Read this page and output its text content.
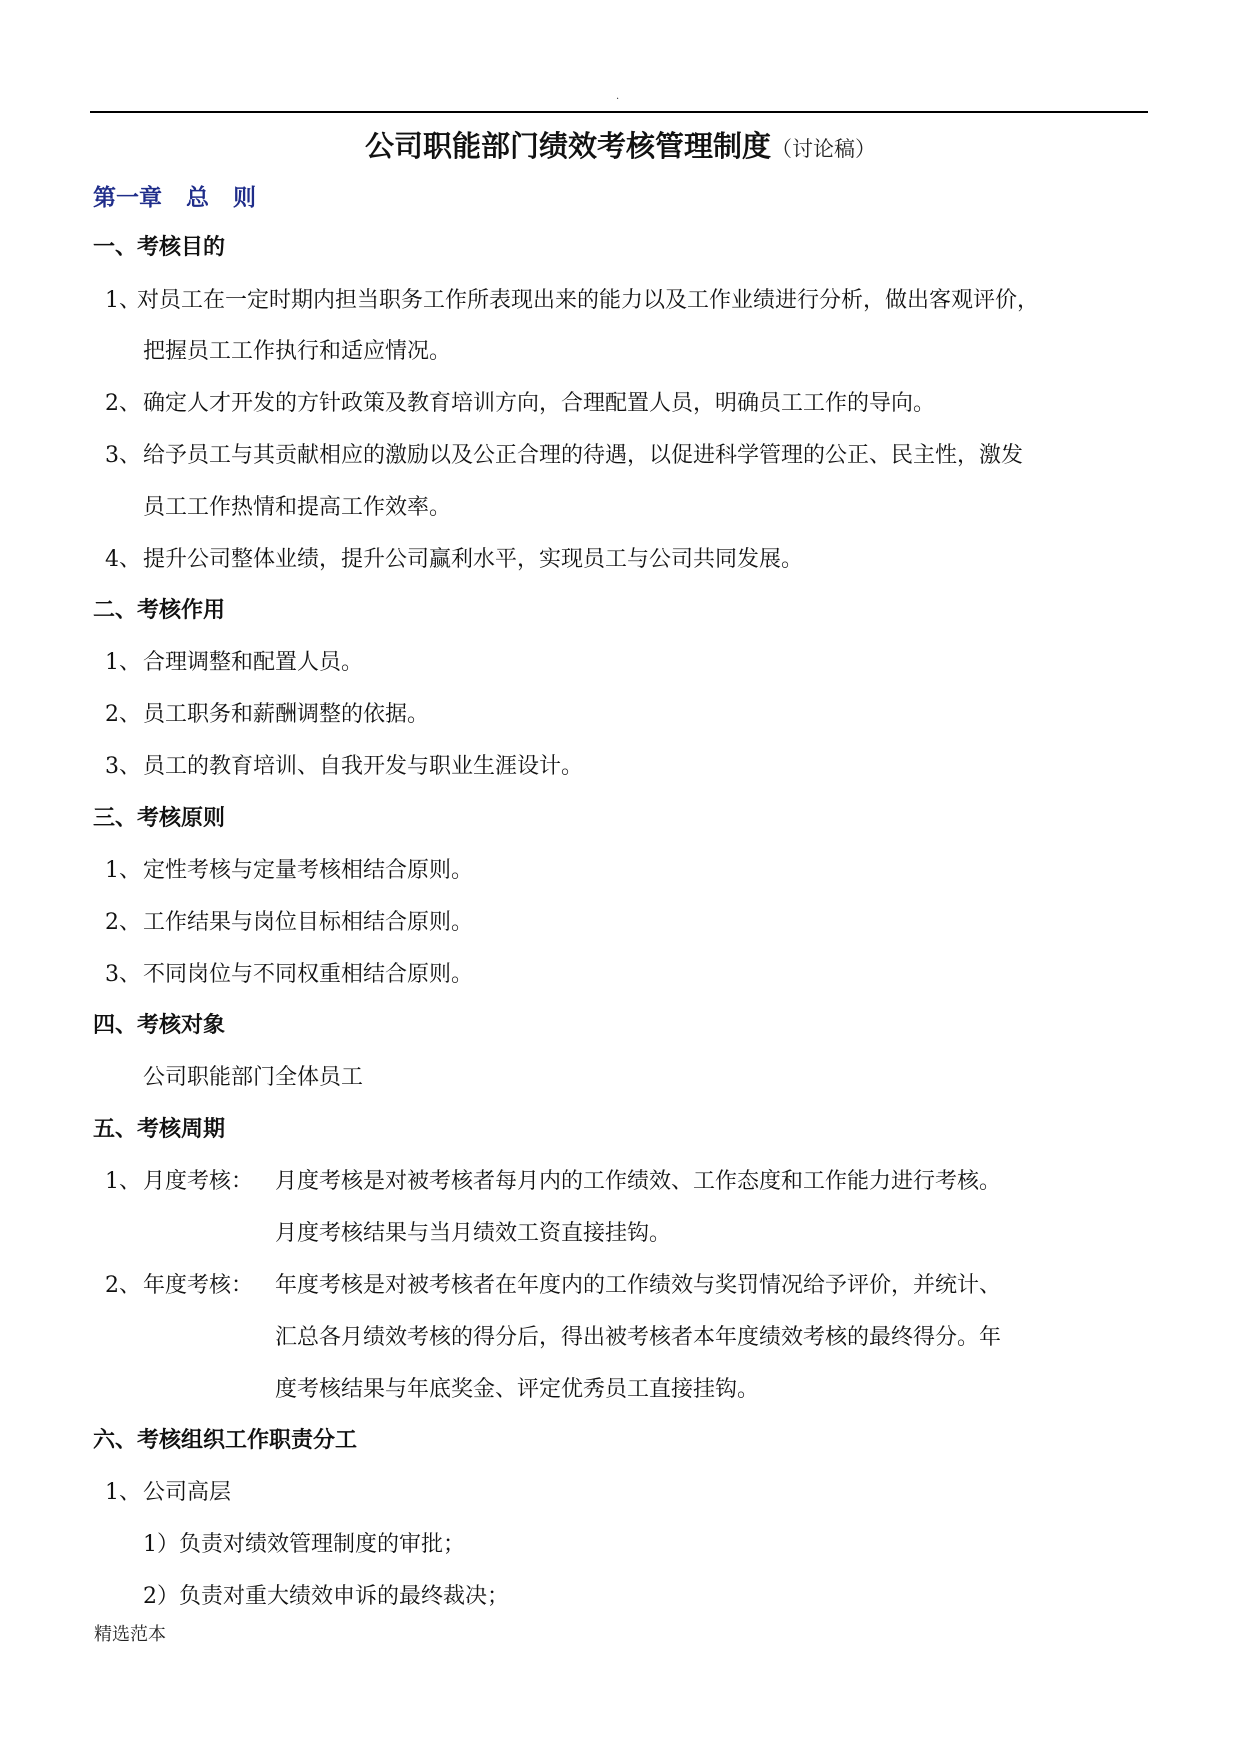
.
公司职能部门绩效考核管理制度（讨论稿）
第一章   总   则
一、考核目的
1、
对员工在一定时期内担当职务工作所表现出来的能力以及工作业绩进行分析，做出客观评价，
把握员工工作执行和适应情况。
2、 确定人才开发的方针政策及教育培训方向，合理配置人员，明确员工工作的导向。
3、 给予员工与其贡献相应的激励以及公正合理的待遇，以促进科学管理的公正、民主性，激发
员工工作热情和提高工作效率。
4、 提升公司整体业绩，提升公司赢利水平，实现员工与公司共同发展。
二、考核作用
1、 合理调整和配置人员。
2、 员工职务和薪酬调整的依据。
3、 员工的教育培训、自我开发与职业生涯设计。
三、考核原则
1、 定性考核与定量考核相结合原则。
2、 工作结果与岗位目标相结合原则。
3、 不同岗位与不同权重相结合原则。
四、考核对象
公司职能部门全体员工
五、考核周期
1、 月度考核： 月度考核是对被考核者每月内的工作绩效、工作态度和工作能力进行考核。
月度考核结果与当月绩效工资直接挂钩。
2、 年度考核： 年度考核是对被考核者在年度内的工作绩效与奖罚情况给予评价，并统计、
汇总各月绩效考核的得分后，得出被考核者本年度绩效考核的最终得分。年
度考核结果与年底奖金、评定优秀员工直接挂钩。
六、考核组织工作职责分工
1、 公司高层
1）负责对绩效管理制度的审批；
2）负责对重大绩效申诉的最终裁决；
精选范本
